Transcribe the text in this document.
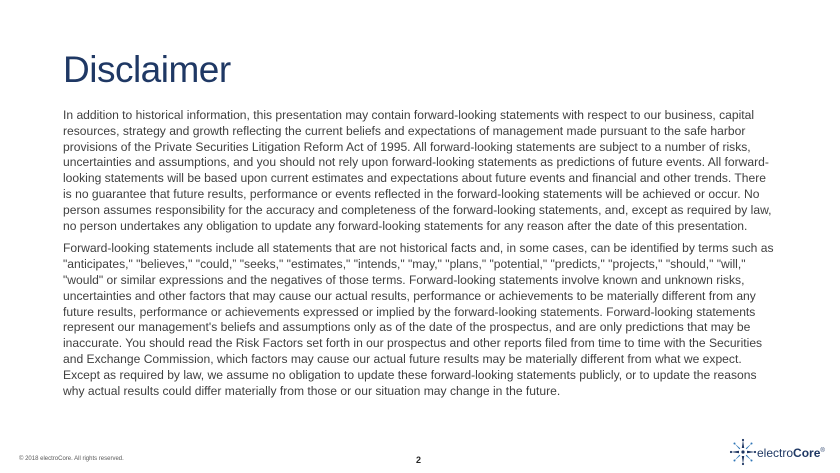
Disclaimer

In addition to historical information, this presentation may contain forward-looking statements with respect to our business, capital resources, strategy and growth reflecting the current beliefs and expectations of management made pursuant to the safe harbor provisions of the Private Securities Litigation Reform Act of 1995. All forward-looking statements are subject to a number of risks, uncertainties and assumptions, and you should not rely upon forward-looking statements as predictions of future events. All forward-looking statements will be based upon current estimates and expectations about future events and financial and other trends. There is no guarantee that future results, performance or events reflected in the forward-looking statements will be achieved or occur. No person assumes responsibility for the accuracy and completeness of the forward-looking statements, and, except as required by law, no person undertakes any obligation to update any forward-looking statements for any reason after the date of this presentation.

Forward-looking statements include all statements that are not historical facts and, in some cases, can be identified by terms such as "anticipates," "believes," "could,” "seeks," "estimates," "intends," "may," "plans," "potential," "predicts," "projects," "should," "will," "would" or similar expressions and the negatives of those terms. Forward-looking statements involve known and unknown risks, uncertainties and other factors that may cause our actual results, performance or achievements to be materially different from any future results, performance or achievements expressed or implied by the forward-looking statements. Forward-looking statements represent our management's beliefs and assumptions only as of the date of the prospectus, and are only predictions that may be inaccurate. You should read the Risk Factors set forth in our prospectus and other reports filed from time to time with the Securities and Exchange Commission, which factors may cause our actual future results may be materially different from what we expect. Except as required by law, we assume no obligation to update these forward-looking statements publicly, or to update the reasons why actual results could differ materially from those or our situation may change in the future.

© 2018 electroCore. All rights reserved.	2	electroCore®
